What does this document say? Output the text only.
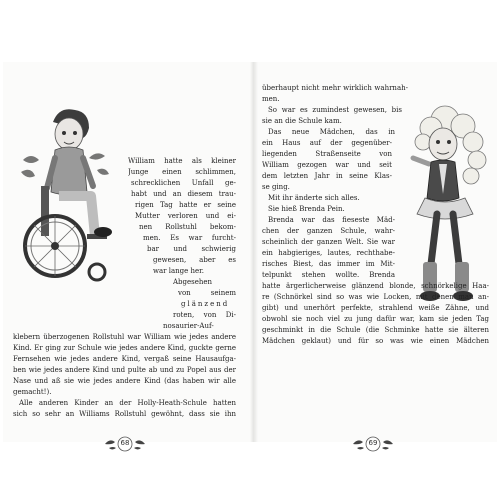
William hatte als kleiner
Junge einen schlimmen,
schrecklichen Unfall ge-
habt und an diesem trau-
rigen Tag hatte er seine
Mutter verloren und ei-
nen Rollstuhl bekom-
men. Es war furcht-
bar und schwierig
gewesen, aber es
war lange her.
Abgesehen
von seinem
glänzend
roten, von Di-
nosaurier-Auf-
klebern überzogenen Rollstuhl war William wie jedes andere
Kind. Er ging zur Schule wie jedes andere Kind, guckte gerne
Fernsehen wie jedes andere Kind, vergaß seine Hausaufga-
ben wie jedes andere Kind und pulte ab und zu Popel aus der
Nase und aß sie wie jedes andere Kind (das haben wir alle
gemacht!).
Alle anderen Kinder an der Holly-Heath-Schule hatten
sich so sehr an Williams Rollstuhl gewöhnt, dass sie ihn
68
überhaupt nicht mehr wirklich wahrnah-
men.
So war es zumindest gewesen, bis
sie an die Schule kam.
Das neue Mädchen, das in
ein Haus auf der gegenüber-
liegenden Straßenseite von
William gezogen war und seit
dem letzten Jahr in seine Klas-
se ging.
Mit ihr änderte sich alles.
Sie hieß Brenda Pein.
Brenda war das fieseste Mäd-
chen der ganzen Schule, wahr-
scheinlich der ganzen Welt. Sie war
ein habgieriges, lautes, rechthabe-
risches Biest, das immer im Mit-
telpunkt stehen wollte. Brenda
hatte ärgerlicherweise glänzend blonde, schnörkelige Haa-
re (Schnörkel sind so was wie Locken, mit denen man an-
gibt) und unerhört perfekte, strahlend weiße Zähne, und
obwohl sie noch viel zu jung dafür war, kam sie jeden Tag
geschminkt in die Schule (die Schminke hatte sie älteren
Mädchen geklaut) und für so was wie einen Mädchen
69
